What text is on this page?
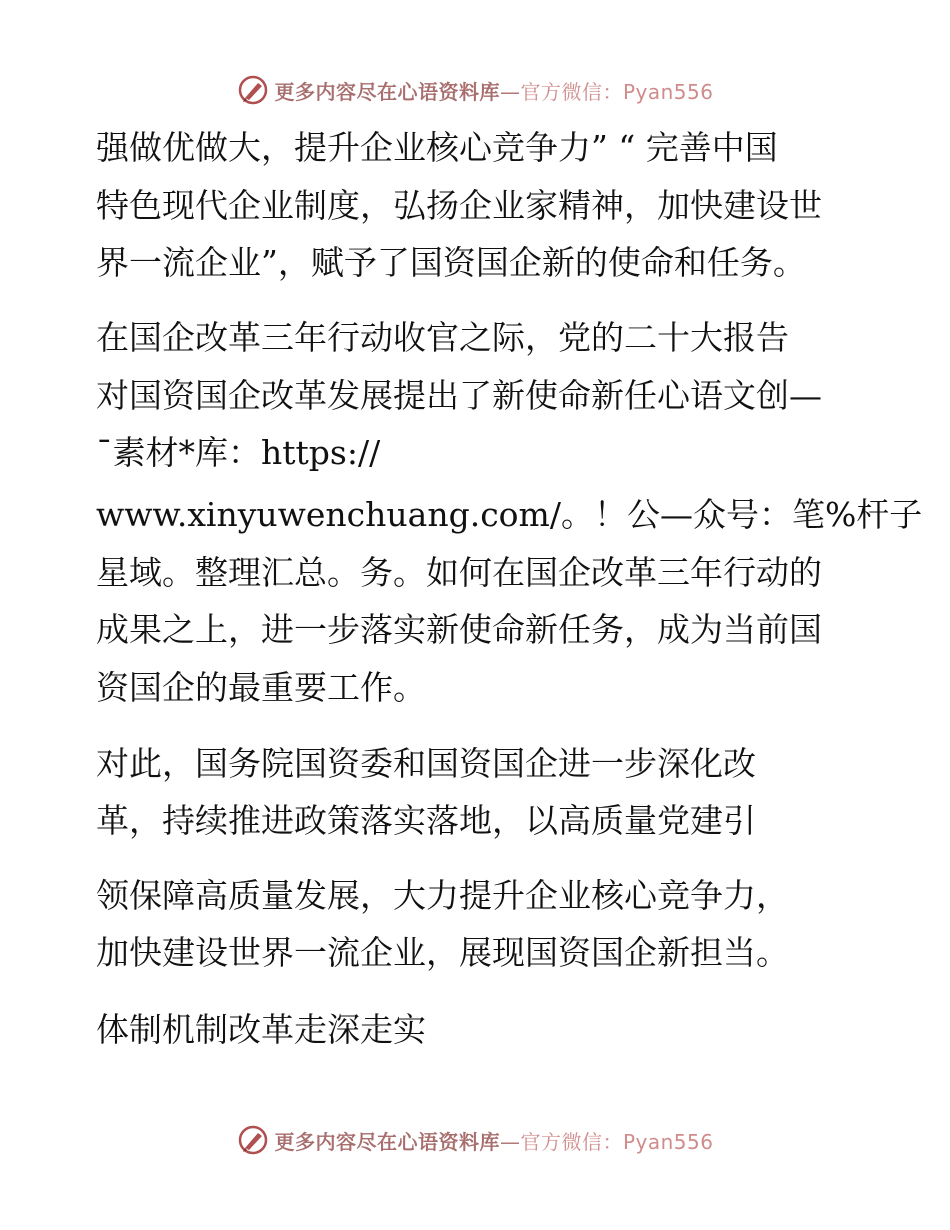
更多内容尽在心语资料库—官方微信：Pyan556
强做优做大，提升企业核心竞争力” “ 完善中国
特色现代企业制度，弘扬企业家精神，加快建设世
界一流企业”，赋予了国资国企新的使命和任务。
在国企改革三年行动收官之际，党的二十大报告
对国资国企改革发展提出了新使命新任心语文创—
¯素材*库：https://
www.xinyuwenchuang.com/。！公—众号：笔%杆子
星域。整理汇总。务。如何在国企改革三年行动的
成果之上，进一步落实新使命新任务，成为当前国
资国企的最重要工作。
对此，国务院国资委和国资国企进一步深化改
革，持续推进政策落实落地，以高质量党建引
领保障高质量发展，大力提升企业核心竞争力，
加快建设世界一流企业，展现国资国企新担当。
体制机制改革走深走实
更多内容尽在心语资料库—官方微信：Pyan556
